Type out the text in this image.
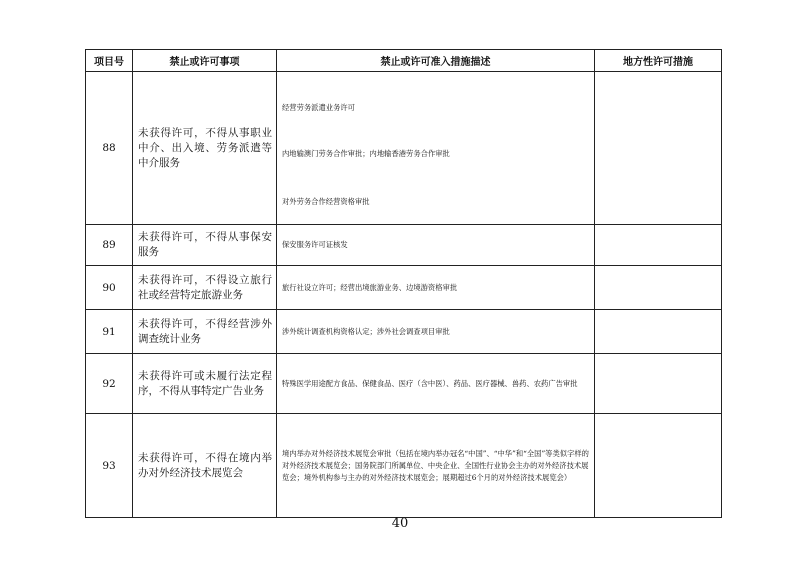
项目号	禁止或许可事项	禁止或许可准入措施描述	地方性许可措施
88	未获得许可，不得从事职业中介、出入境、劳务派遣等中介服务	经营劳务派遣业务许可
内地输澳门劳务合作审批；内地输香港劳务合作审批
对外劳务合作经营资格审批	

89	未获得许可，不得从事保安服务	保安服务许可证核发	

90	未获得许可，不得设立旅行社或经营特定旅游业务	旅行社设立许可；经营出境旅游业务、边境游资格审批	

91	未获得许可，不得经营涉外调查统计业务	涉外统计调查机构资格认定；涉外社会调查项目审批	

92	未获得许可或未履行法定程序，不得从事特定广告业务	特殊医学用途配方食品、保健食品、医疗（含中医）、药品、医疗器械、兽药、农药广告审批	

93	未获得许可，不得在境内举办对外经济技术展览会	境内举办对外经济技术展览会审批（包括在境内举办冠名“中国”、“中华”和“全国”等类似字样的对外经济技术展览会；国务院部门所属单位、中央企业、全国性行业协会主办的对外经济技术展览会；境外机构参与主办的对外经济技术展览会；展期超过6个月的对外经济技术展览会）	

40
